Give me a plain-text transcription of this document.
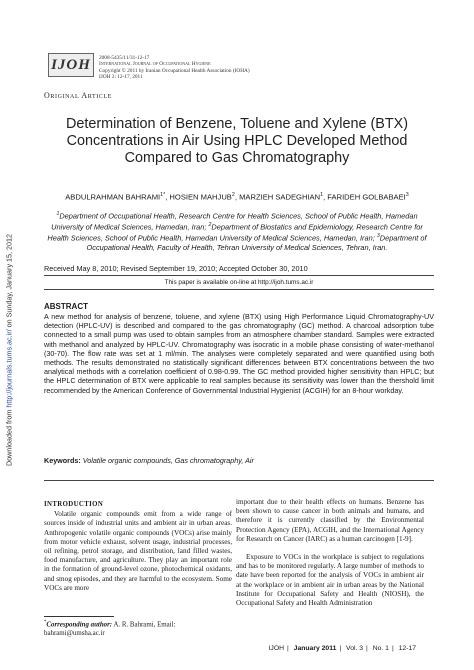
Downloaded from http://journals.tums.ac.ir/ on Sunday, January 15, 2012
IJOH	2008-5435/11/31-12-17
International Journal of Occupational Hygiene
Copyright © 2011 by Iranian Occupational Health Association (IOHA)
IJOH 3: 12-17, 2011
Original Article
Determination of Benzene, Toluene and Xylene (BTX) Concentrations in Air Using HPLC Developed Method Compared to Gas Chromatography
ABDULRAHMAN $BAHRAMI^{1*}$, HOSIEN MAHJUB$^2$, MARZIEH SADEGHIAN$^1$, FARIDEH GOLBABAEI$^3$
$^1$Department of Occupational Health, Research Centre for Health Sciences, School of Public Health, Hamedan University of Medical Sciences, Hamedan, Iran; $^2$Department of Biostatics and Epidemiology, Research Centre for Health Sciences, School of Public Health, Hamedan University of Medical Sciences, Hamedan, Iran; $^3$Department of Occupational Health, Faculty of Health, Tehran University of Medical Sciences, Tehran, Iran.
Received May 8, 2010; Revised September 19, 2010; Accepted October 30, 2010
This paper is available on-line at http://ijoh.tums.ac.ir
ABSTRACT
A new method for analysis of benzene, toluene, and xylene (BTX) using High Performance Liquid Chromatography-UV detection (HPLC-UV) is described and compared to the gas chromatography (GC) method. A charcoal adsorption tube connected to a small pump was used to obtain samples from an atmosphere chamber standard. Samples were extracted with methanol and analyzed by HPLC-UV. Chromatography was isocratic in a mobile phase consisting of water-methanol (30-70). The flow rate was set at 1 ml/min. The analyses were completely separated and were quantified using both methods. The results demonstrated no statistically significant differences between BTX concentrations between the two analytical methods with a correlation coefficient of 0.98-0.99. The GC method provided higher sensitivity than HPLC; but the HPLC determination of BTX were applicable to real samples because its sensitivity was lower than the thershold limit recommended by the American Conference of Governmental Industrial Hygienist (ACGIH) for an 8-hour workday.
Keywords: Volatile organic compounds, Gas chromatography, Air
INTRODUCTION

Volatile organic compounds emit from a wide range of sources inside of industrial units and ambient air in urban areas. Anthropogenic volatile organic compounds (VOCs) arise mainly from motor vehicle exhaust, solvent usage, industrial processes, oil refining, petrol storage, and distribution, land filled wastes, food manufacture, and agriculture. They play an important role in the formation of ground-level ozone, photochemical oxidants, and smog episodes, and they are harmful to the ecosystem. Some VOCs are more

important due to their health effects on humans. Benzene has been shown to cause cancer in both animals and humans, and therefore it is currently classified by the Environmental Protection Agency (EPA), ACGIH, and the International Agency for Research on Cancer (IARC) as a human carcinogen [1-9].

Exposure to VOCs in the workplace is subject to regulations and has to be monitored regularly. A large number of methods to date have been reported for the analysis of VOCs in ambient air at the workplace or in ambient air in urban areas by the National Institute for Occupational Safety and Health (NIOSH), the Occupational Safety and Health Administration

*Corresponding author: A. R. Bahrami, Email: bahrami@umsha.ac.ir
IJOH | January 2011 | Vol. 3 | No. 1 | 12-17
